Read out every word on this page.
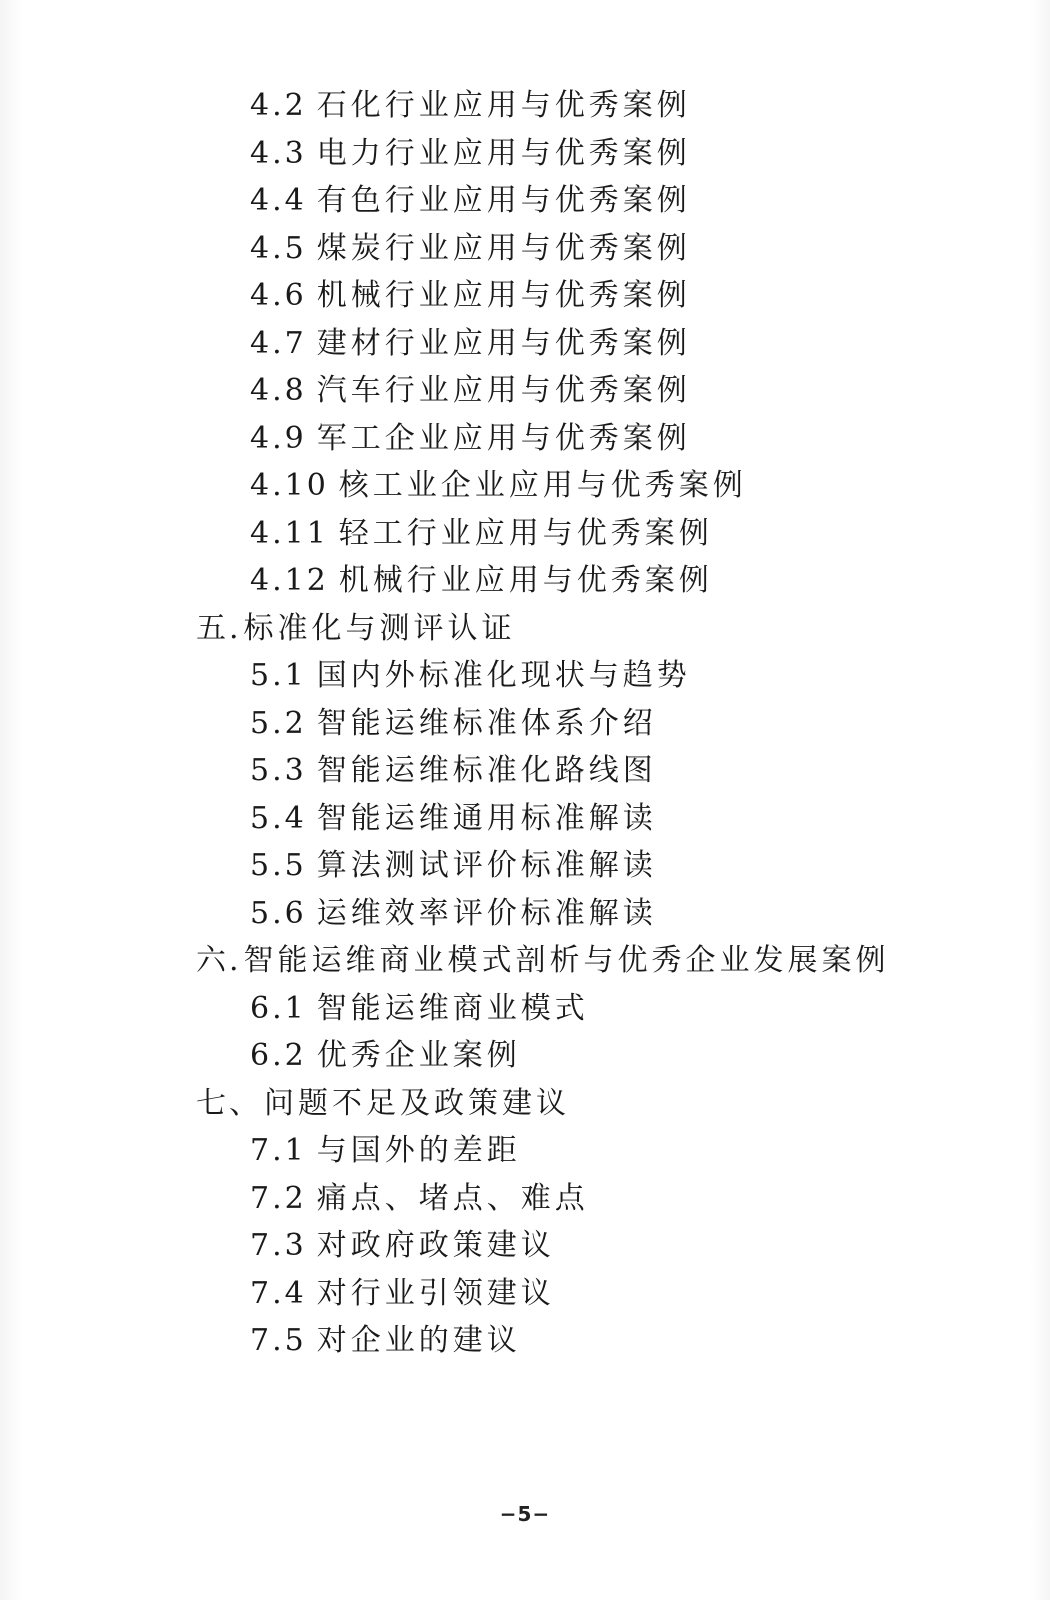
4.2 石化行业应用与优秀案例
4.3 电力行业应用与优秀案例
4.4 有色行业应用与优秀案例
4.5 煤炭行业应用与优秀案例
4.6 机械行业应用与优秀案例
4.7 建材行业应用与优秀案例
4.8 汽车行业应用与优秀案例
4.9 军工企业应用与优秀案例
4.10 核工业企业应用与优秀案例
4.11 轻工行业应用与优秀案例
4.12 机械行业应用与优秀案例
五.标准化与测评认证
5.1 国内外标准化现状与趋势
5.2 智能运维标准体系介绍
5.3 智能运维标准化路线图
5.4 智能运维通用标准解读
5.5 算法测试评价标准解读
5.6 运维效率评价标准解读
六.智能运维商业模式剖析与优秀企业发展案例
6.1 智能运维商业模式
6.2 优秀企业案例
七、问题不足及政策建议
7.1 与国外的差距
7.2 痛点、堵点、难点
7.3 对政府政策建议
7.4 对行业引领建议
7.5 对企业的建议
−5−
